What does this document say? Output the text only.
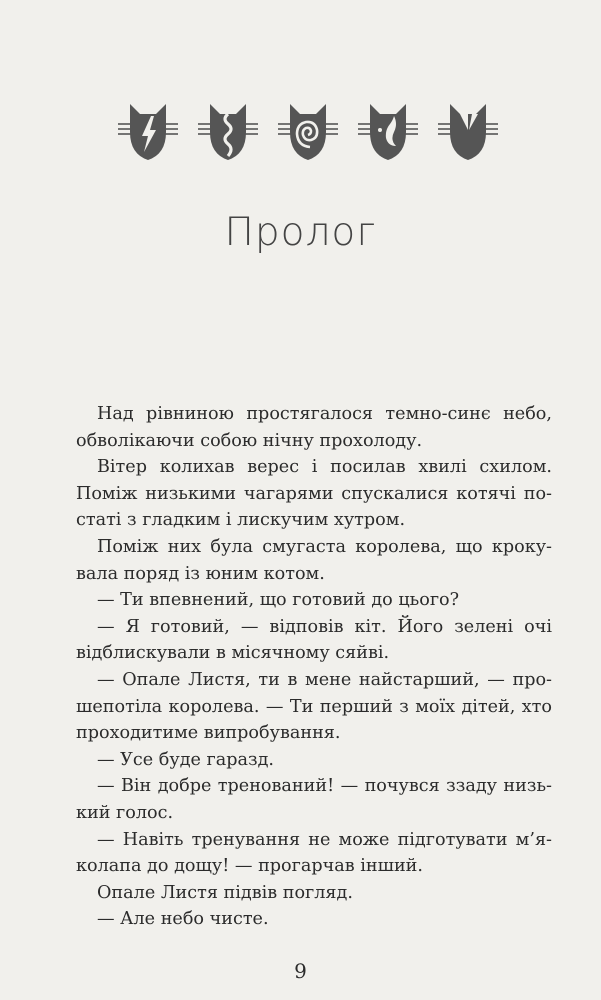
Пролог
Над рівниною простягалося темно-синє небо,
обволікаючи собою нічну прохолоду.
Вітер колихав верес і посилав хвилі схилом.
Поміж низькими чагарями спускалися котячі по-
статі з гладким і лискучим хутром.
Поміж них була смугаста королева, що кроку-
вала поряд із юним котом.
— Ти впевнений, що готовий до цього?
— Я готовий, — відповів кіт. Його зелені очі
відблискували в місячному сяйві.
— Опале Листя, ти в мене найстарший, — про-
шепотіла королева. — Ти перший з моїх дітей, хто
проходитиме випробування.
— Усе буде гаразд.
— Він добре тренований! — почувся ззаду низь-
кий голос.
— Навіть тренування не може підготувати м’я-
колапа до дощу! — прогарчав інший.
Опале Листя підвів погляд.
— Але небо чисте.
9
